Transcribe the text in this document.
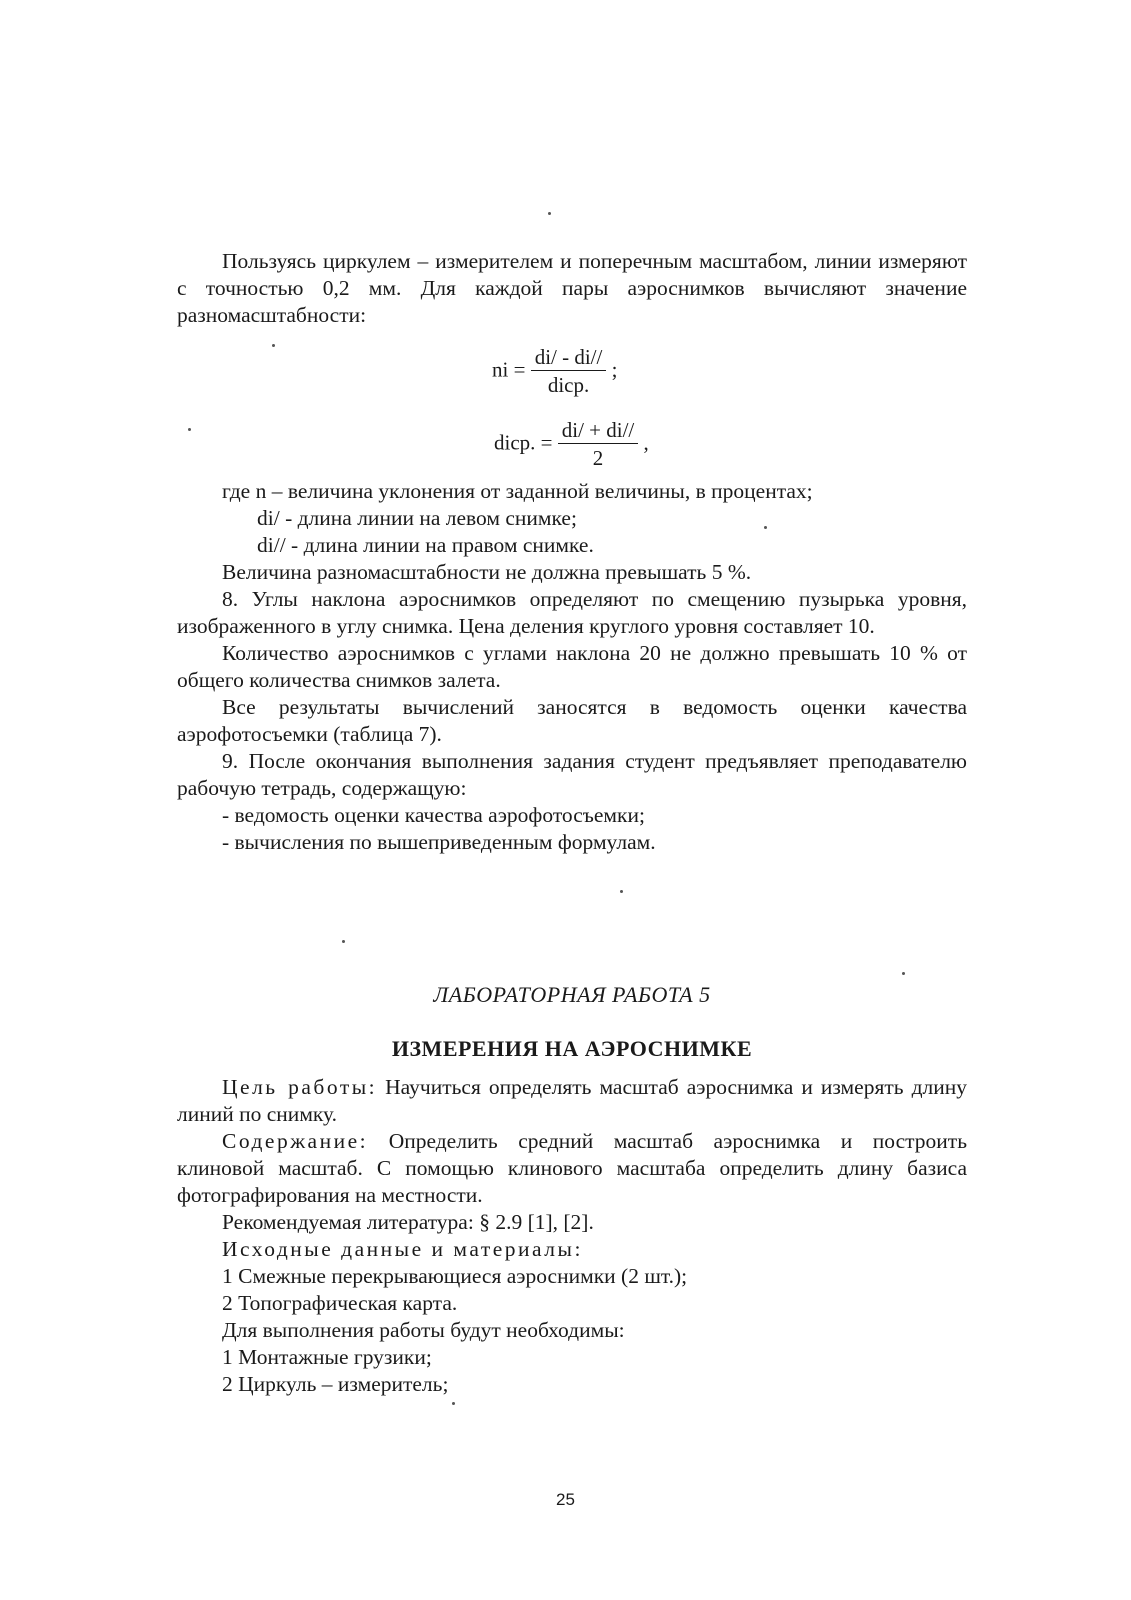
Пользуясь циркулем – измерителем и поперечным масштабом, линии измеряют с точностью 0,2 мм. Для каждой пары аэроснимков вычисляют значение разномасштабности:

ni = $\frac{di/ - di//}{\text{diср.}}$ ;
diср. = $\frac{di/ + di//}{2}$ ,

где n – величина уклонения от заданной величины, в процентах;

di/ - длина линии на левом снимке;

di// - длина линии на правом снимке.

Величина разномасштабности не должна превышать 5 %.

8. Углы наклона аэроснимков определяют по смещению пузырька уровня, изображенного в углу снимка. Цена деления круглого уровня составляет 10.

Количество аэроснимков с углами наклона 20 не должно превышать 10 % от общего количества снимков залета.

Все результаты вычислений заносятся в ведомость оценки качества аэрофотосъемки (таблица 7).

9. После окончания выполнения задания студент предъявляет преподавателю рабочую тетрадь, содержащую:

- ведомость оценки качества аэрофотосъемки;

- вычисления по вышеприведенным формулам.

ЛАБОРАТОРНАЯ РАБОТА 5
ИЗМЕРЕНИЯ НА АЭРОСНИМКЕ

Цель работы: Научиться определять масштаб аэроснимка и измерять длину линий по снимку.

Содержание: Определить средний масштаб аэроснимка и построить клиновой масштаб. С помощью клинового масштаба определить длину базиса фотографирования на местности.

Рекомендуемая литература: § 2.9 [1], [2].

Исходные данные и материалы:

1 Смежные перекрывающиеся аэроснимки (2 шт.);

2 Топографическая карта.

Для выполнения работы будут необходимы:

1 Монтажные грузики;

2 Циркуль – измеритель;

25
